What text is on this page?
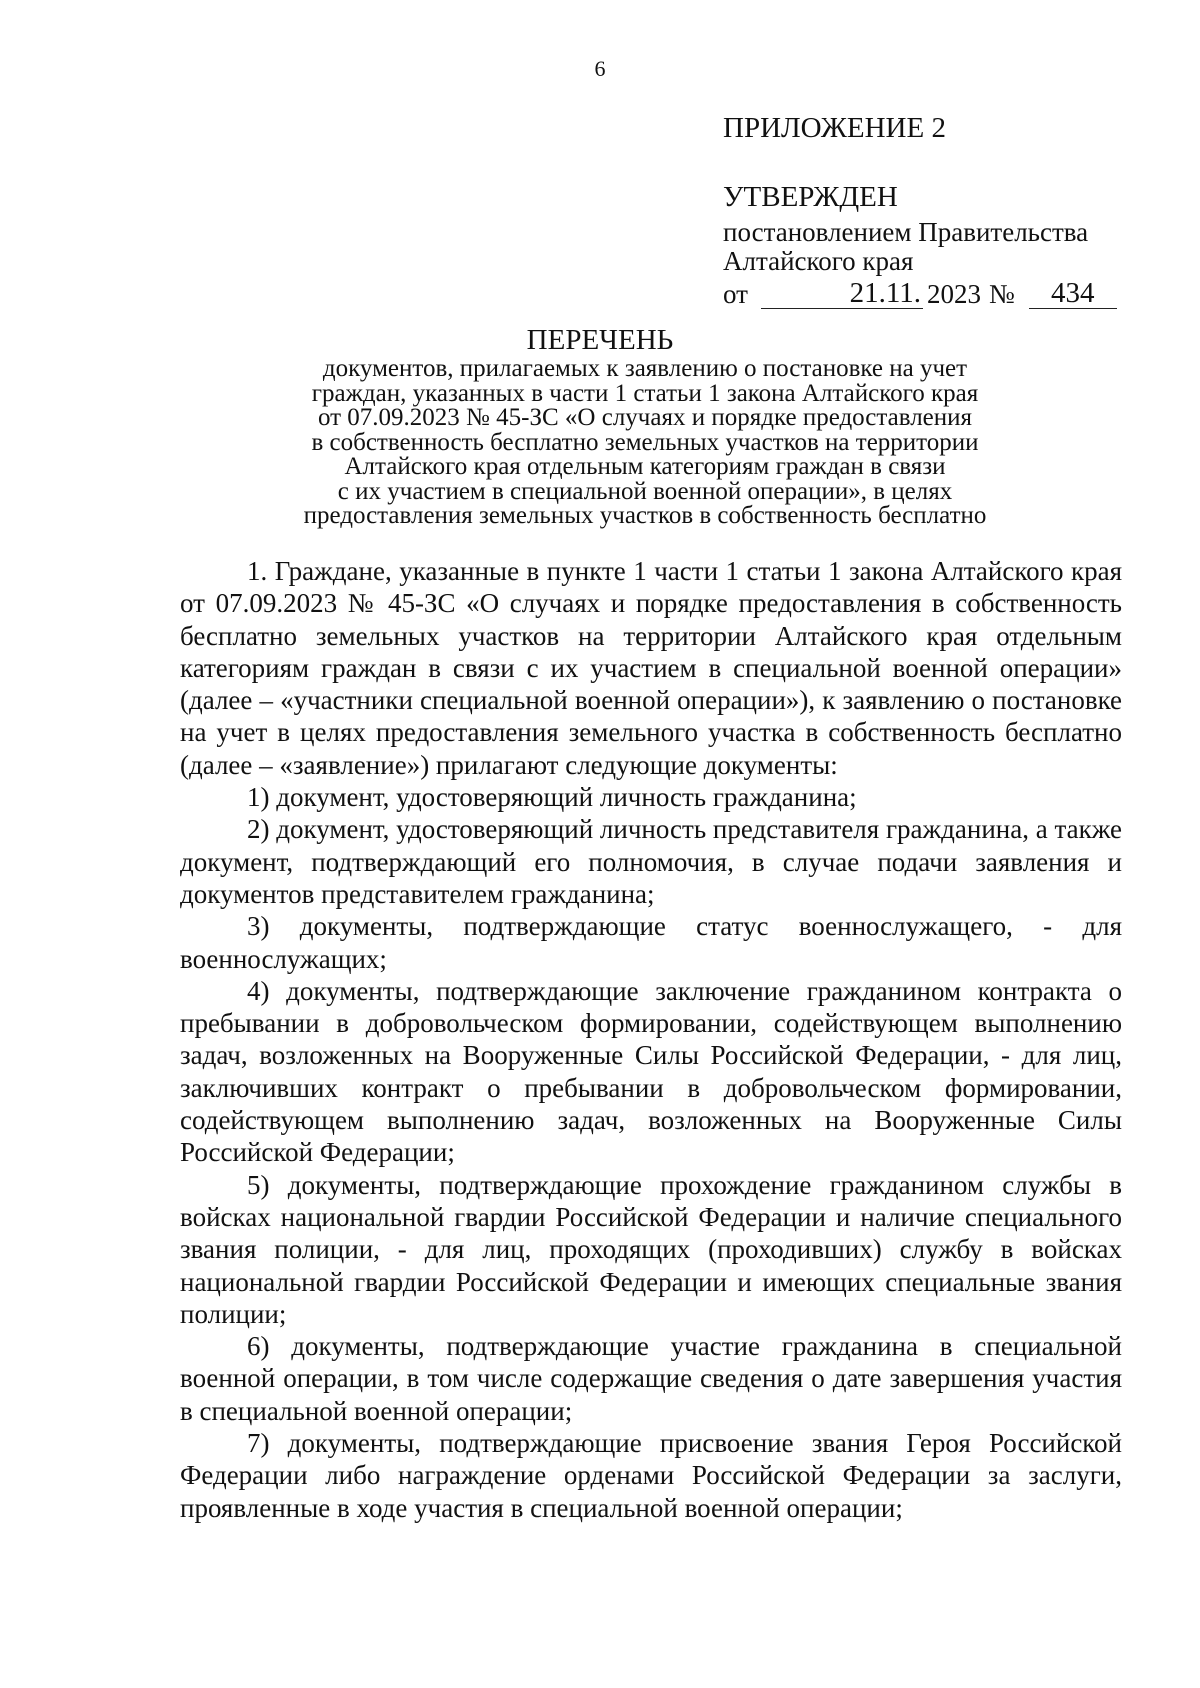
6
ПРИЛОЖЕНИЕ 2
УТВЕРЖДЕН
постановлением Правительства
Алтайского края
от	21.11. 2023 №	434
ПЕРЕЧЕНЬ
документов, прилагаемых к заявлению о постановке на учет
граждан, указанных в части 1 статьи 1 закона Алтайского края
от 07.09.2023 № 45-ЗС «О случаях и порядке предоставления
в собственность бесплатно земельных участков на территории
Алтайского края отдельным категориям граждан в связи
с их участием в специальной военной операции», в целях
предоставления земельных участков в собственность бесплатно

1. Граждане, указанные в пункте 1 части 1 статьи 1 закона Алтайского края от 07.09.2023 № 45-ЗС «О случаях и порядке предоставления в собственность бесплатно земельных участков на территории Алтайского края отдельным категориям граждан в связи с их участием в специальной военной операции» (далее – «участники специальной военной операции»), к заявлению о постановке на учет в целях предоставления земельного участка в собственность бесплатно (далее – «заявление») прилагают следующие документы:

1) документ, удостоверяющий личность гражданина;

2) документ, удостоверяющий личность представителя гражданина, а также документ, подтверждающий его полномочия, в случае подачи заявления и документов представителем гражданина;

3) документы, подтверждающие статус военнослужащего, - для военнослужащих;

4) документы, подтверждающие заключение гражданином контракта о пребывании в добровольческом формировании, содействующем выполнению задач, возложенных на Вооруженные Силы Российской Федерации, - для лиц, заключивших контракт о пребывании в добровольческом формировании, содействующем выполнению задач, возложенных на Вооруженные Силы Российской Федерации;

5) документы, подтверждающие прохождение гражданином службы в войсках национальной гвардии Российской Федерации и наличие специального звания полиции, - для лиц, проходящих (проходивших) службу в войсках национальной гвардии Российской Федерации и имеющих специальные звания полиции;

6) документы, подтверждающие участие гражданина в специальной военной операции, в том числе содержащие сведения о дате завершения участия в специальной военной операции;

7) документы, подтверждающие присвоение звания Героя Российской Федерации либо награждение орденами Российской Федерации за заслуги, проявленные в ходе участия в специальной военной операции;
